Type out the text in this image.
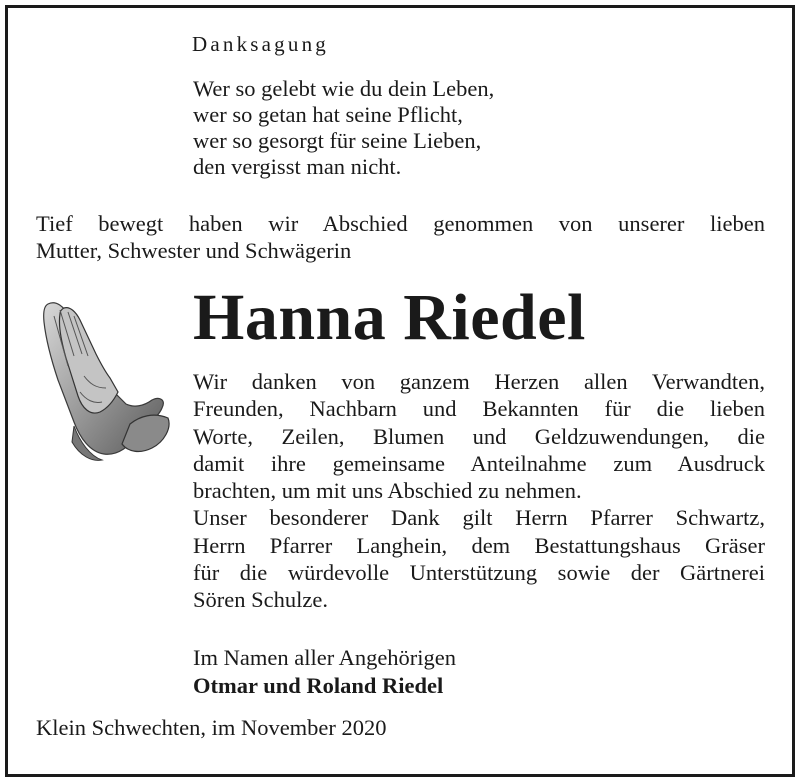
Danksagung
Wer so gelebt wie du dein Leben,
wer so getan hat seine Pflicht,
wer so gesorgt für seine Lieben,
den vergisst man nicht.
Tief bewegt haben wir Abschied genommen von unserer lieben
Mutter, Schwester und Schwägerin
Hanna Riedel
Wir danken von ganzem Herzen allen Verwandten,
Freunden, Nachbarn und Bekannten für die lieben
Worte, Zeilen, Blumen und Geldzuwendungen, die
damit ihre gemeinsame Anteilnahme zum Ausdruck
brachten, um mit uns Abschied zu nehmen.
Unser besonderer Dank gilt Herrn Pfarrer Schwartz,
Herrn Pfarrer Langhein, dem Bestattungshaus Gräser
für die würdevolle Unterstützung sowie der Gärtnerei
Sören Schulze.
Im Namen aller Angehörigen
Otmar und Roland Riedel
Klein Schwechten, im November 2020
